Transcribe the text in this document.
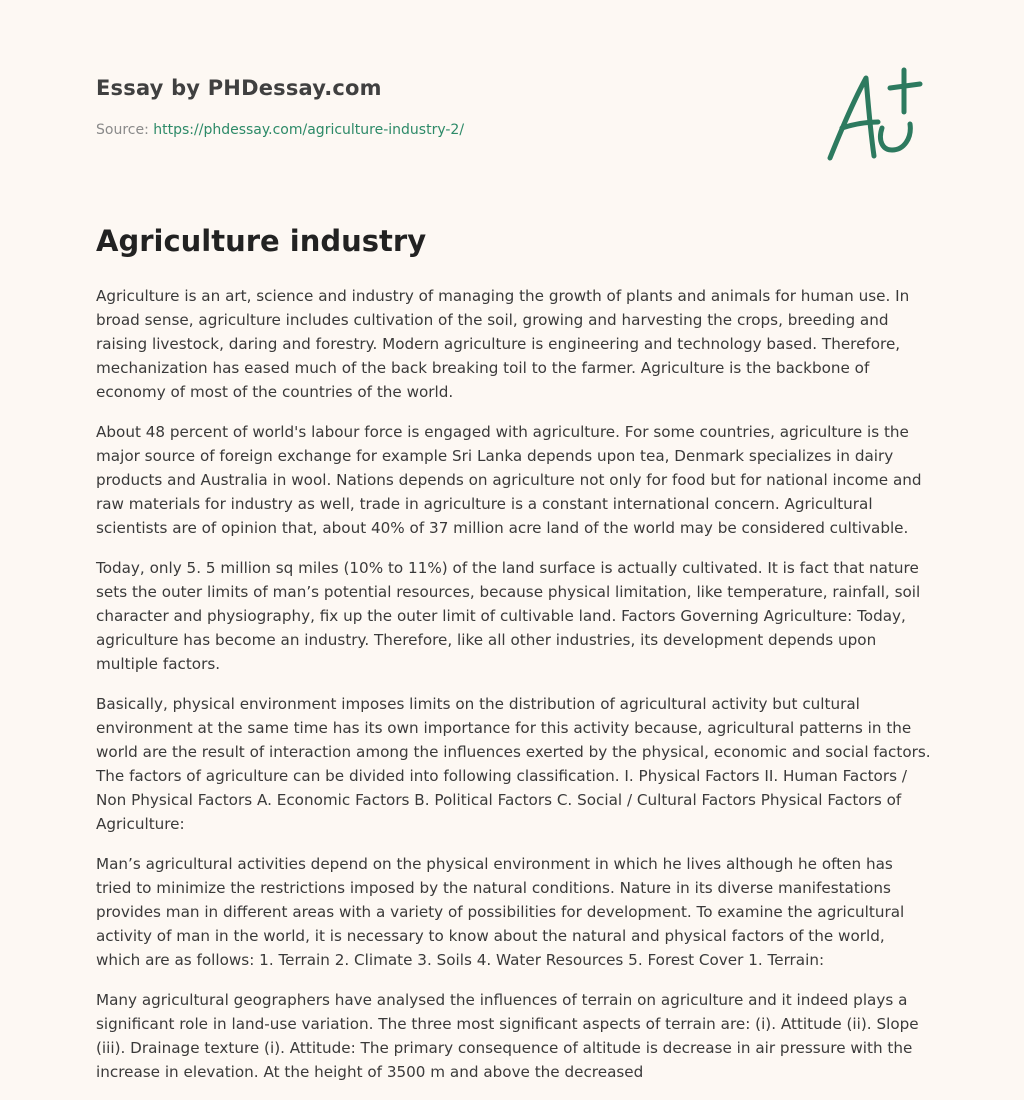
Essay by PHDessay.com
Source: https://phdessay.com/agriculture-industry-2/
Agriculture industry

Agriculture is an art, science and industry of managing the growth of plants and animals for human use. In broad sense, agriculture includes cultivation of the soil, growing and harvesting the crops, breeding and raising livestock, daring and forestry. Modern agriculture is engineering and technology based. Therefore, mechanization has eased much of the back breaking toil to the farmer. Agriculture is the backbone of economy of most of the countries of the world.

About 48 percent of world's labour force is engaged with agriculture. For some countries, agriculture is the major source of foreign exchange for example Sri Lanka depends upon tea, Denmark specializes in dairy products and Australia in wool. Nations depends on agriculture not only for food but for national income and raw materials for industry as well, trade in agriculture is a constant international concern. Agricultural scientists are of opinion that, about 40% of 37 million acre land of the world may be considered cultivable.

Today, only 5. 5 million sq miles (10% to 11%) of the land surface is actually cultivated. It is fact that nature sets the outer limits of man’s potential resources, because physical limitation, like temperature, rainfall, soil character and physiography, fix up the outer limit of cultivable land. Factors Governing Agriculture: Today, agriculture has become an industry. Therefore, like all other industries, its development depends upon multiple factors.

Basically, physical environment imposes limits on the distribution of agricultural activity but cultural environment at the same time has its own importance for this activity because, agricultural patterns in the world are the result of interaction among the influences exerted by the physical, economic and social factors. The factors of agriculture can be divided into following classification. I. Physical Factors II. Human Factors / Non Physical Factors A. Economic Factors B. Political Factors C. Social / Cultural Factors Physical Factors of Agriculture:

Man’s agricultural activities depend on the physical environment in which he lives although he often has tried to minimize the restrictions imposed by the natural conditions. Nature in its diverse manifestations provides man in different areas with a variety of possibilities for development. To examine the agricultural activity of man in the world, it is necessary to know about the natural and physical factors of the world, which are as follows: 1. Terrain 2. Climate 3. Soils 4. Water Resources 5. Forest Cover 1. Terrain:

Many agricultural geographers have analysed the influences of terrain on agriculture and it indeed plays a significant role in land-use variation. The three most significant aspects of terrain are: (i). Attitude (ii). Slope (iii). Drainage texture (i). Attitude: The primary consequence of altitude is decrease in air pressure with the increase in elevation. At the height of 3500 m and above the decreased
